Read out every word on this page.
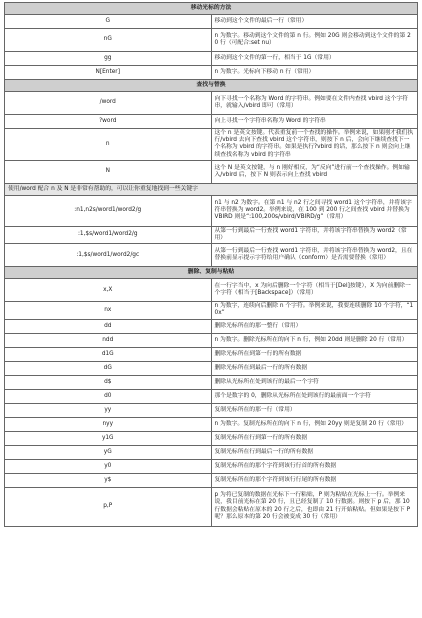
移动光标的方法	
G	移动到这个文件的最后一行（常用）
nG	n 为数字。移动到这个文件的第 n 行。例如 20G 则会移动到这个文件的第 20 行（可配合:set nu）
gg	移动到这个文件的第一行，相当于 1G（常用）
N[Enter]	n 为数字。光标向下移动 n 行（常用）
查找与替换	
/word	向下寻找一个名称为 Word 的字符串。例如要在文件内查找 vbird 这个字符串，就输入/vbird 即可（常用）
?word	向上寻找一个字符串名称为 Word 的字符串
n	这个 n 是英文按键。代表重复前一个查找的操作。举例来说，如果刚才我们执行/vbird 去向下查找 vbird 这个字符串，则按下 n 后，会向下继续查找下一个名称为 vbird 的字符串。如果是执行?vbird 的话，那么按下 n 则会向上继续查找名称为 vbird 的字符串
N	这个 N 是英文按键，与 n 刚好相反，为“反向”进行前一个查找操作。例如输入/vbird 后，按下 N 则表示向上查找 vbird
使用/word 配合 n 及 N 是非常有帮助的，可以让你重复地找到一些关键字	
:n1,n2s/word1/word2/g	n1 与 n2 为数字。在第 n1 与 n2 行之间寻找 word1 这个字符串，并将该字符串替换为 word2。举例来说，在 100 到 200 行之间查找 vbird 并替换为 VBIRD 则是“:100,200s/vbird/VBIRD/g”（常用）
:1,$s/word1/word2/g	从第一行到最后一行查找 word1 字符串，并将该字符串替换为 word2（常用）
:1,$s/word1/word2/gc	从第一行到最后一行查找 word1 字符串，并将该字符串替换为 word2，且在替换前显示提示字符给用户确认（conform）是否需要替换（常用）
删除、复制与粘贴	
x,X	在一行字当中，x 为向后删除一个字符（相当于[Del]按键），X 为向前删除一个字符（相当于[Backspace]）（常用）
nx	n 为数字，连续向后删除 n 个字符。举例来说，我要连续删除 10 个字符，“10x”
dd	删除光标所在的那一整行（常用）
ndd	n 为数字。删除光标所在的向下 n 行，例如 20dd 则是删除 20 行（常用）
d1G	删除光标所在到第一行的所有数据
dG	删除光标所在到最后一行的所有数据
d$	删除从光标所在处到该行的最后一个字符
d0	那个是数字的 0，删除从光标所在处到该行的最前面一个字符
yy	复制光标所在的那一行（常用）
nyy	n 为数字。复制光标所在的向下 n 行，例如 20yy 则是复制 20 行（常用）
y1G	复制光标所在行到第一行的所有数据
yG	复制光标所在行到最后一行的所有数据
y0	复制光标所在的那个字符到该行行首的所有数据
y$	复制光标所在的那个字符到该行行尾的所有数据
p,P	p 为将已复制的数据在光标下一行粘贴，P 则为粘贴在光标上一行。举例来说，我目前光标在第 20 行，且已经复制了 10 行数据。则按下 p 后，那 10 行数据会粘贴在原本的 20 行之后，也即由 21 行开始粘贴。但如果是按下 P 呢？那么原本的第 20 行会被变成 30 行（常用）
